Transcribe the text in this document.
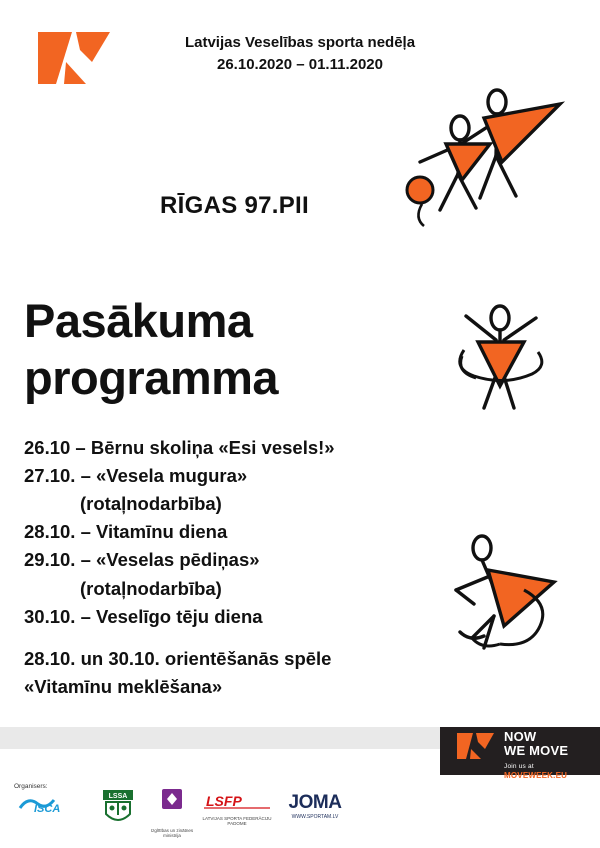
Latvijas Veselības sporta nedēļa
26.10.2020 – 01.11.2020
RĪGAS 97.PII
Pasākuma
programma
26.10 – Bērnu skoliņa «Esi vesels!»
27.10. – «Vesela mugura»
(rotaļnodarbība)
28.10. – Vitamīnu diena
29.10. – «Veselas pēdiņas»
(rotaļnodarbība)
30.10. – Veselīgo tēju diena
28.10. un 30.10. orientēšanās spēle
«Vitamīnu meklēšana»
NOW
WE MOVE
Join us at
MOVEWEEK.EU
Organisers:
ISCA
LSSA
Izglītības un zinātnes ministrija
LSFP
LATVIJAS SPORTA FEDERĀCIJU PADOME
JOMA
WWW.SPORTAM.LV
